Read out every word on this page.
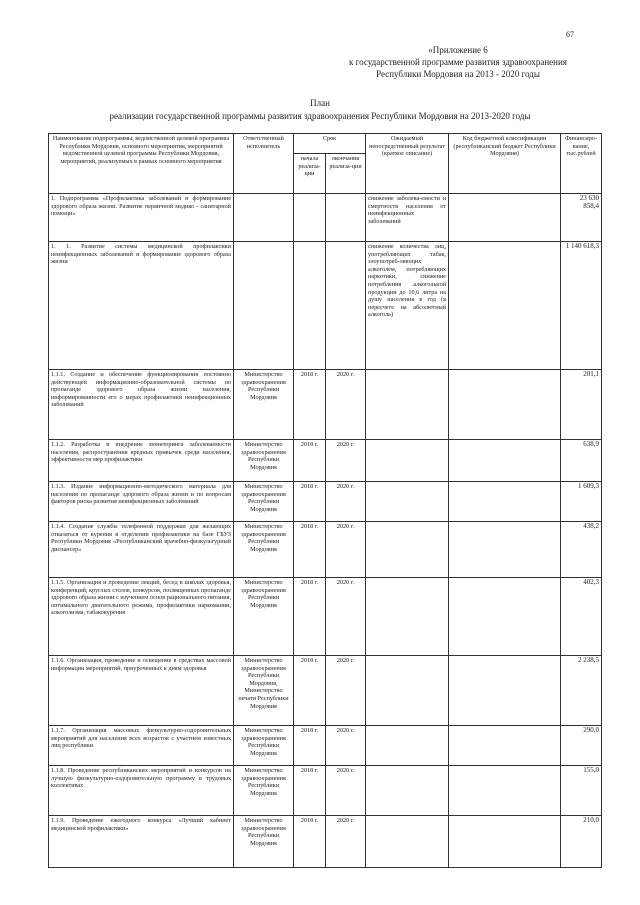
67
«Приложение 6
к государственной программе развития здравоохранения
Республики Мордовия на 2013 - 2020 годы
План
реализации государственной программы развития здравоохранения Республики Мордовия на 2013-2020 годы
Наименование подпрограммы, ведомственной целевой программы Республики Мордовия, основного мероприятия, мероприятий ведомственной целевой программы Республики Мордовия, мероприятий, реализуемых в рамках основного мероприятия	Ответственный исполнитель	Срок		Ожидаемый непосредственный результат (краткое описание)	Код бюджетной классификации (республиканский бюджет Республики Мордовия)	Финансиро-вание, тыс.рублей
		начала реализа-ции	окончания реализа-ции			
1. Подпрограмма «Профилактика заболеваний и формирование здорового образа жизни. Развитие первичной медико - санитарной помощи»				снижение заболева-емости и смертности населения от неинфекционных заболеваний		23 630 858,4
1. 1. Развитие системы медицинской профилактики неинфекционных заболеваний и формирование здорового образа жизни				снижение количества лиц, употребляющих табак, злоупотреб-ляющих алкоголем, потребляющих наркотики, снижение потребления алкогольной продукции до 10,6 литра на душу населения в год (в пересчете на абсолютный алкоголь)		1 140 618,3
1.1.1. Создание и обеспечение функционирования постоянно действующей информационно-образовательной системы по пропаганде здорового образа жизни населения, информированности его о мерах профилактики неинфекционных заболеваний	Министерство здравоохранения Республики Мордовия	2018 г.	2020 г.			201,1
1.1.2. Разработка и внедрение мониторинга заболеваемости населения, распространения вредных привычек среди населения, эффективности мер профилактики	Министерство здравоохранения Республики Мордовия	2018 г.	2020 г.			638,9
1.1.3. Издание информационно-методического материала для населения по пропаганде здорового образа жизни и по вопросам факторов риска развития неинфекционных заболеваний	Министерство здравоохранения Республики Мордовия	2018 г.	2020 г.			1 609,3
1.1.4. Создание службы телефонной поддержки для желающих отказаться от курения в отделении профилактики на базе ГБУЗ Республики Мордовия «Республиканский врачебно-физкультурный диспансер»	Министерство здравоохранения Республики Мордовия	2018 г.	2020 г.			438,2
1.1.5. Организация и проведение лекций, бесед в школах здоровья, конференций, круглых столов, конкурсов, посвященных пропаганде здорового образа жизни с изучением основ рационального питания, оптимального двигательного режима, профилактики наркомании, алкоголизма, табакокурения	Министерство здравоохранения Республики Мордовия	2018 г.	2020 г.			402,3
1.1.6. Организация, проведение и освещение в средствах массовой информации мероприятий, приуроченных к дням здоровья	Министерство здравоохранения Республики Мордовия, Министерство печати Республики Мордовия	2018 г.	2020 г.			2 238,5
1.1.7. Организация массовых физкультурно-оздоровительных мероприятий для населения всех возрастов с участием известных лиц республики	Министерство здравоохранения Республики Мордовия	2018 г.	2020 г.			290,0
1.1.8. Проведение республиканских мероприятий и конкурсов на лучшую физкультурно-оздоровительную программу в трудовых коллективах	Министерство здравоохранения Республики Мордовия	2018 г.	2020 г.			155,0
1.1.9. Проведение ежегодного конкурса «Лучший кабинет медицинской профилактики»	Министерство здравоохранения Республики Мордовия	2018 г.	2020 г.			210,0
